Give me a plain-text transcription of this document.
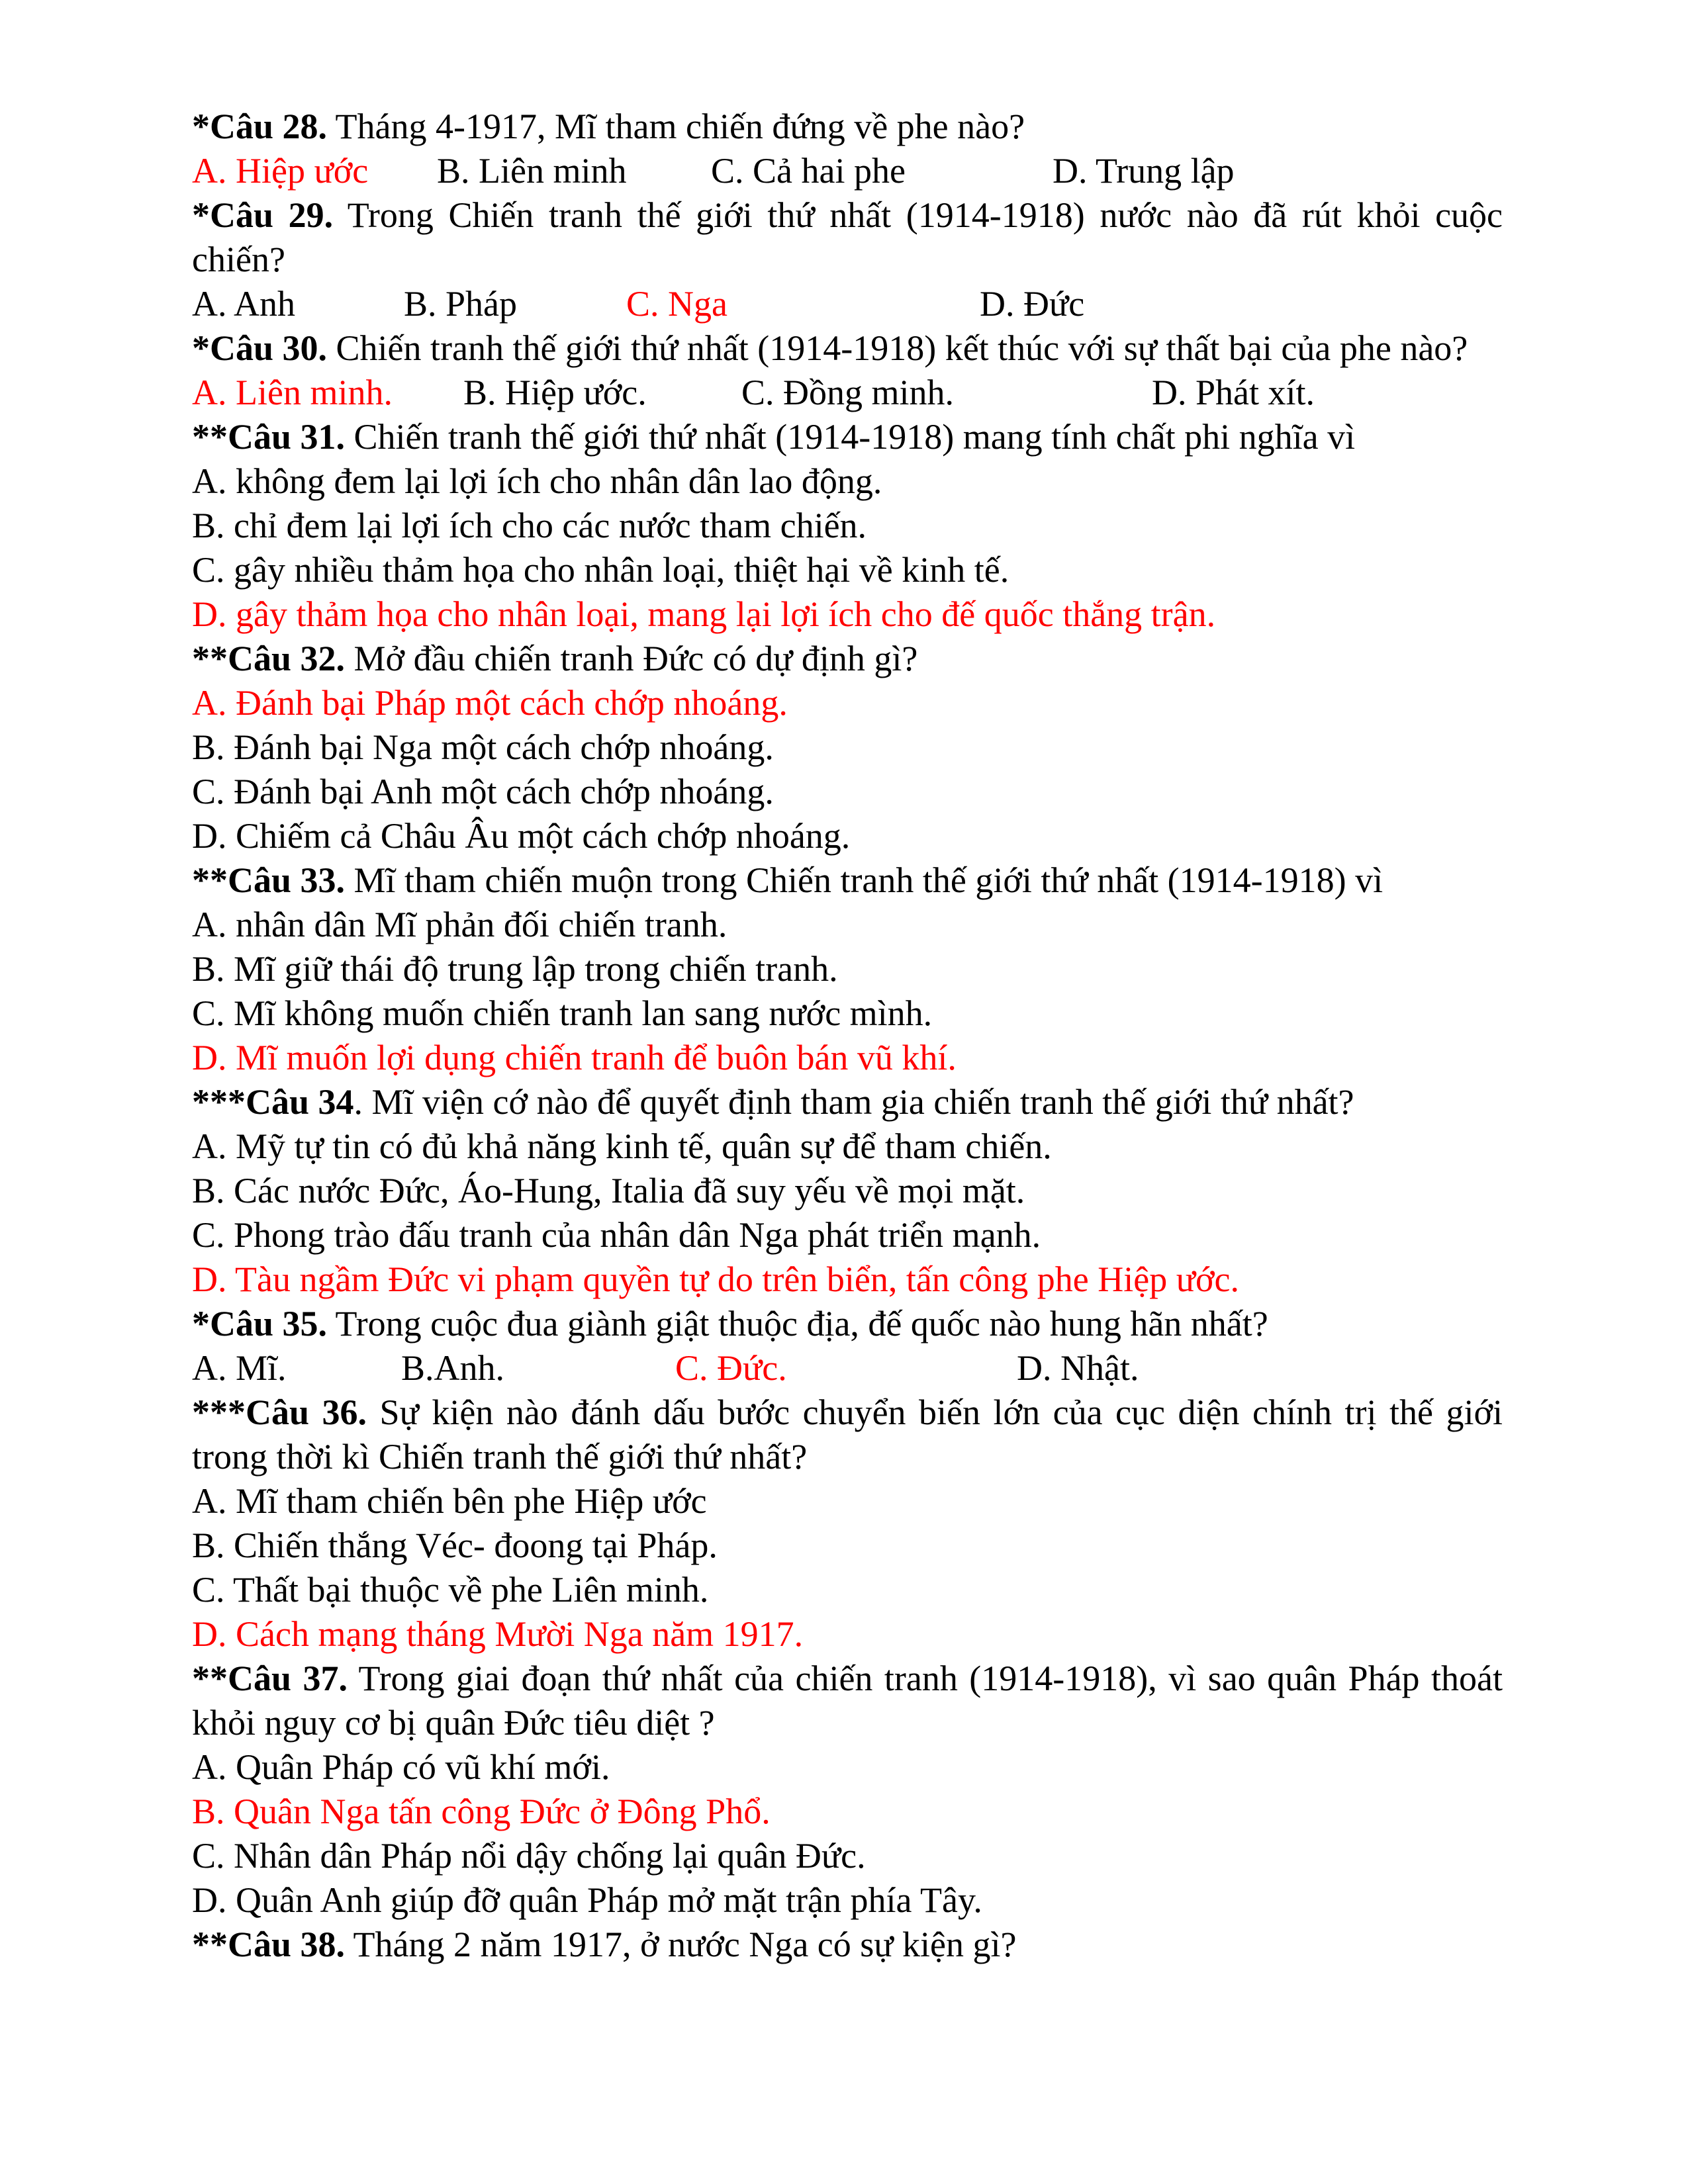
*Câu 28. Tháng 4-1917, Mĩ tham chiến đứng về phe nào?

A. Hiệp ước B. Liên minh C. Cả hai phe	D. Trung lập

*Câu 29. Trong Chiến tranh thế giới thứ nhất (1914-1918) nước nào đã rút khỏi cuộc chiến?

A. Anh	B. Pháp	C. Nga	D. Đức

*Câu 30. Chiến tranh thế giới thứ nhất (1914-1918) kết thúc với sự thất bại của phe nào?

A. Liên minh. B. Hiệp ước.	C. Đồng minh.	D. Phát xít.

**Câu 31. Chiến tranh thế giới thứ nhất (1914-1918) mang tính chất phi nghĩa vì

A. không đem lại lợi ích cho nhân dân lao động.

B. chỉ đem lại lợi ích cho các nước tham chiến.

C. gây nhiều thảm họa cho nhân loại, thiệt hại về kinh tế.

D. gây thảm họa cho nhân loại, mang lại lợi ích cho đế quốc thắng trận.

**Câu 32. Mở đầu chiến tranh Đức có dự định gì?

A. Đánh bại Pháp một cách chớp nhoáng.

B. Đánh bại Nga một cách chớp nhoáng.

C. Đánh bại Anh một cách chớp nhoáng.

D. Chiếm cả Châu Âu một cách chớp nhoáng.

**Câu 33. Mĩ tham chiến muộn trong Chiến tranh thế giới thứ nhất (1914-1918) vì

A. nhân dân Mĩ phản đối chiến tranh.

B. Mĩ giữ thái độ trung lập trong chiến tranh.

C. Mĩ không muốn chiến tranh lan sang nước mình.

D. Mĩ muốn lợi dụng chiến tranh để buôn bán vũ khí.

***Câu 34. Mĩ viện cớ nào để quyết định tham gia chiến tranh thế giới thứ nhất?

A. Mỹ tự tin có đủ khả năng kinh tế, quân sự để tham chiến.

B. Các nước Đức, Áo-Hung, Italia đã suy yếu về mọi mặt.

C. Phong trào đấu tranh của nhân dân Nga phát triển mạnh.

D. Tàu ngầm Đức vi phạm quyền tự do trên biển, tấn công phe Hiệp ước.

*Câu 35. Trong cuộc đua giành giật thuộc địa, đế quốc nào hung hãn nhất?

A. Mĩ.	B.Anh.	C. Đức.	D. Nhật.

***Câu 36. Sự kiện nào đánh dấu bước chuyển biến lớn của cục diện chính trị thế giới trong thời kì Chiến tranh thế giới thứ nhất?

A. Mĩ tham chiến bên phe Hiệp ước

B. Chiến thắng Véc- đoong tại Pháp.

C. Thất bại thuộc về phe Liên minh.

D. Cách mạng tháng Mười Nga năm 1917.

**Câu 37. Trong giai đoạn thứ nhất của chiến tranh (1914-1918), vì sao quân Pháp thoát khỏi nguy cơ bị quân Đức tiêu diệt ?

A. Quân Pháp có vũ khí mới.

B. Quân Nga tấn công Đức ở Đông Phổ.

C. Nhân dân Pháp nổi dậy chống lại quân Đức.

D. Quân Anh giúp đỡ quân Pháp mở mặt trận phía Tây.

**Câu 38. Tháng 2 năm 1917, ở nước Nga có sự kiện gì?
